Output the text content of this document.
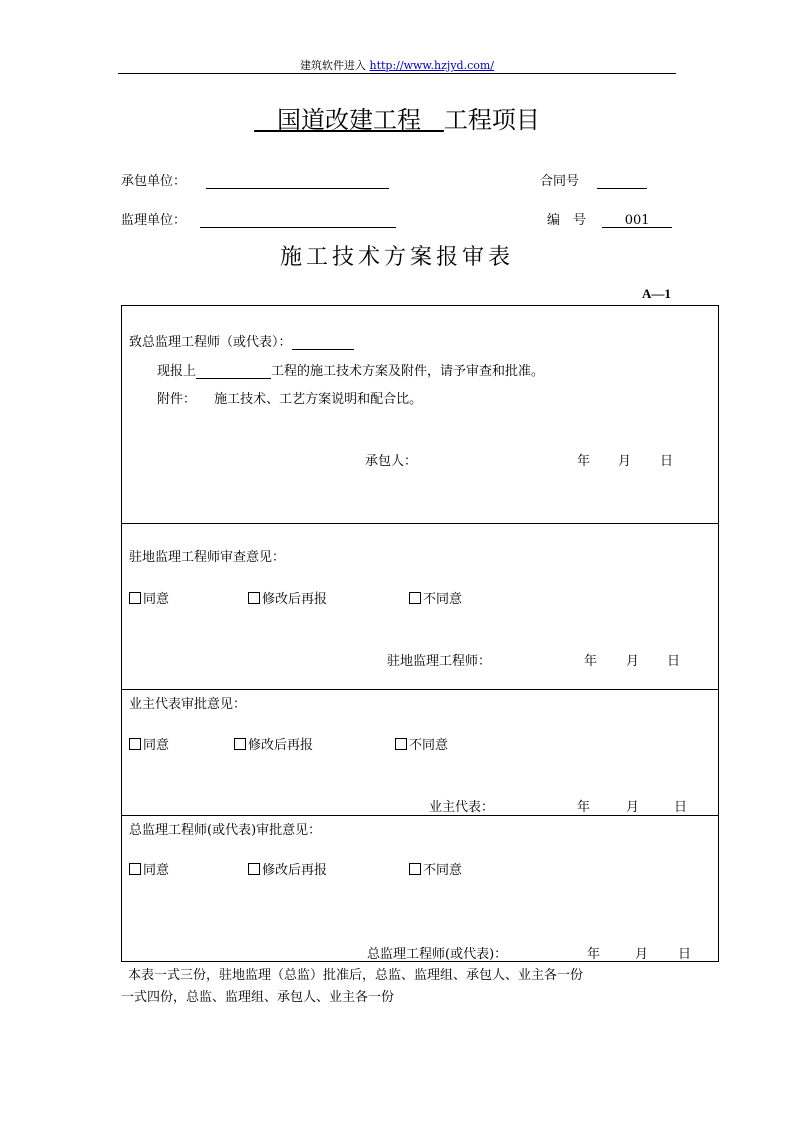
建筑软件进入 http://www.hzjyd.com/
国道改建工程 工程项目
承包单位：	合同号
监理单位：	编　号	001
施工技术方案报审表
A—1
致总监理工程师（或代表）：
现报上	工程的施工技术方案及附件，请予审查和批准。
附件： 施工技术、工艺方案说明和配合比。
承包人：	年 月 日
驻地监理工程师审查意见：
同意	修改后再报	不同意
驻地监理工程师：	年 月 日
业主代表审批意见：
同意	修改后再报	不同意
业主代表：	年	月	日
总监理工程师(或代表)审批意见：
同意	修改后再报	不同意
总监理工程师(或代表)：	年	月 日
本表一式三份，驻地监理（总监）批准后，总监、监理组、承包人、业主各一份
一式四份，总监、监理组、承包人、业主各一份
